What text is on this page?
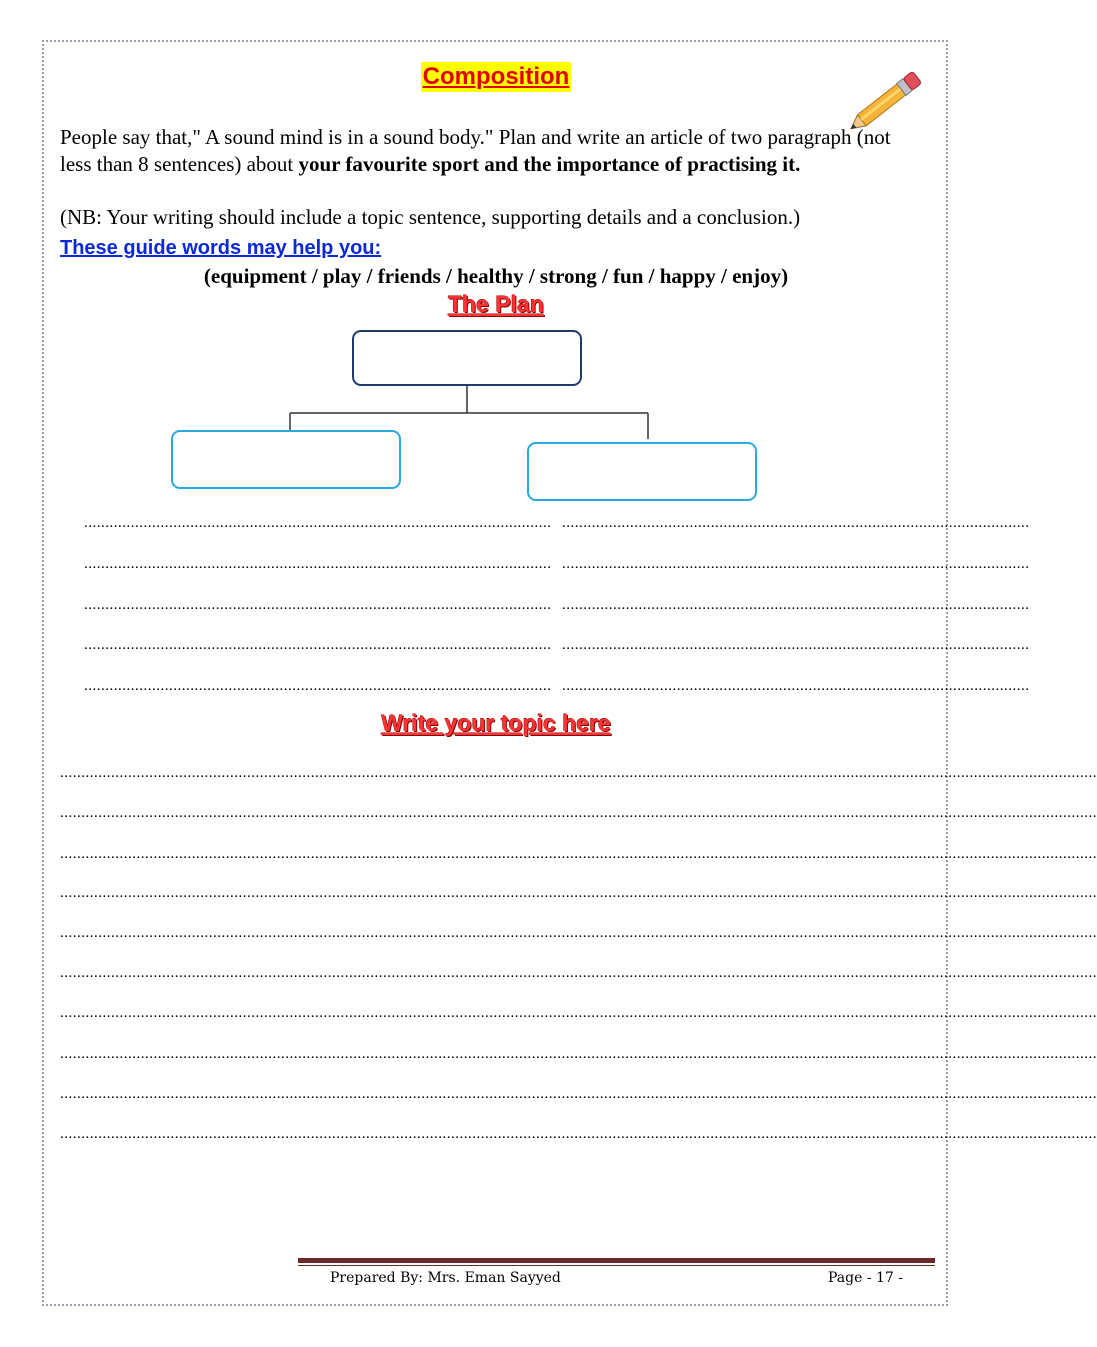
Composition

People say that," A sound mind is in a sound body." Plan and write an article of two paragraph (not less than 8 sentences) about your favourite sport and the importance of practising it.

(NB: Your writing should include a topic sentence, supporting details and a conclusion.)

These guide words may help you:
(equipment / play / friends / healthy / strong / fun / happy / enjoy)
The Plan
..............................................................................................................
..............................................................................................................
..............................................................................................................
..............................................................................................................
..............................................................................................................
..............................................................................................................
..............................................................................................................
..............................................................................................................
..............................................................................................................
..............................................................................................................
Write your topic here
....................................................................................................................................................................................................................................................
....................................................................................................................................................................................................................................................
....................................................................................................................................................................................................................................................
....................................................................................................................................................................................................................................................
....................................................................................................................................................................................................................................................
....................................................................................................................................................................................................................................................
....................................................................................................................................................................................................................................................
....................................................................................................................................................................................................................................................
....................................................................................................................................................................................................................................................
....................................................................................................................................................................................................................................................
Prepared By: Mrs. Eman Sayyed	Page - 17 -
